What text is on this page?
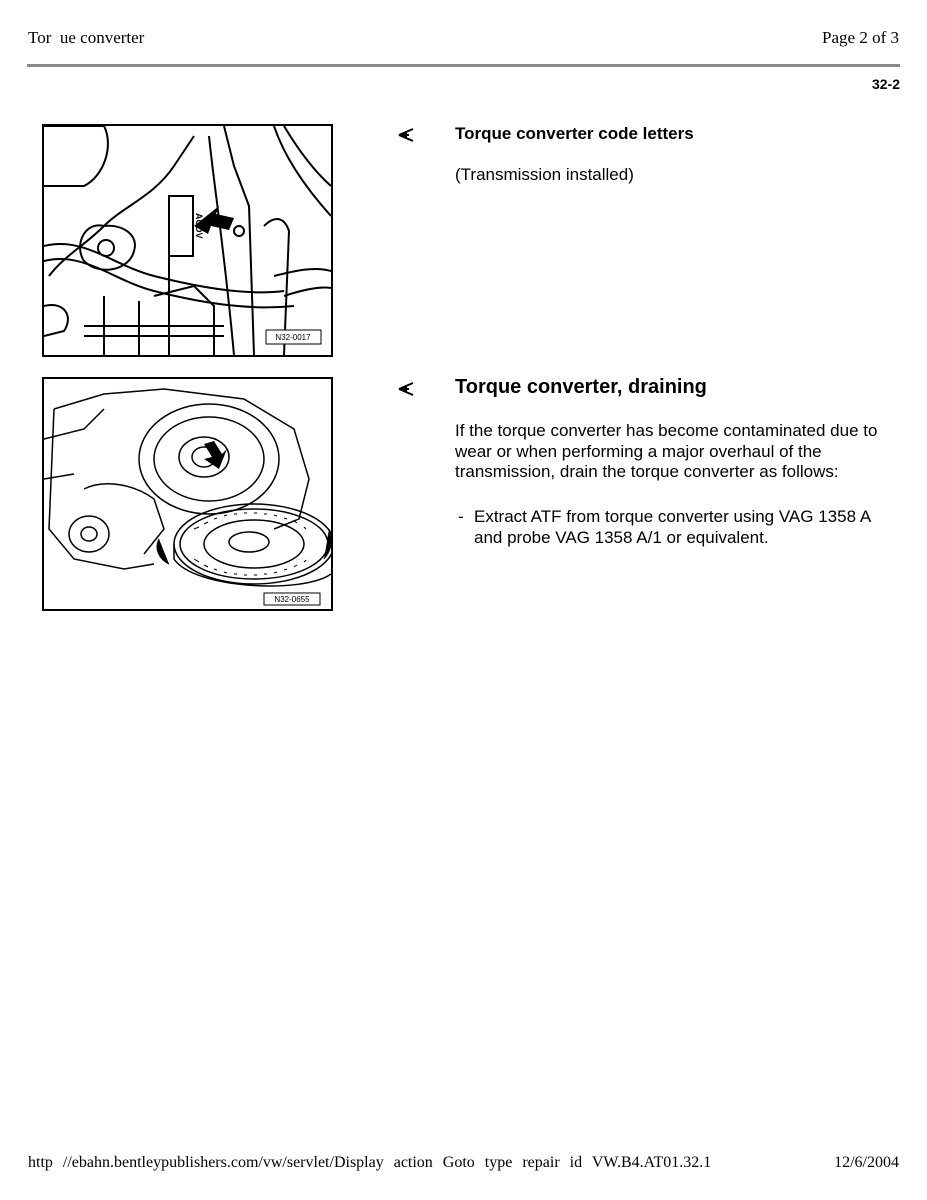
Tor  ue converter	Page 2 of 3
32-2
N32-0017
N32-0655
Torque converter code letters
(Transmission installed)
Torque converter, draining
If the torque converter has become contaminated due to wear or when performing a major overhaul of the transmission, drain the torque converter as follows:
- Extract ATF from torque converter using VAG 1358 A and probe VAG 1358 A/1 or equivalent.
http //ebahn.bentleypublishers.com/vw/servlet/Display action Goto type repair id VW.B4.AT01.32.1	12/6/2004
